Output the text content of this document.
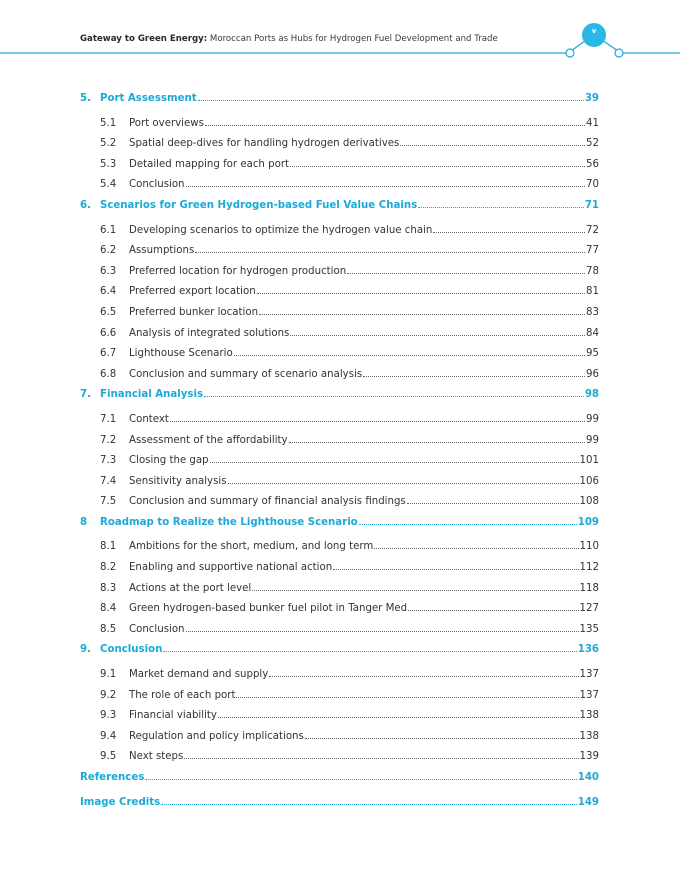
v
Gateway to Green Energy: Moroccan Ports as Hubs for Hydrogen Fuel Development and Trade
5. Port Assessment	39
5.1	Port overviews	41
5.2	Spatial deep-dives for handling hydrogen derivatives	52
5.3	Detailed mapping for each port	56
5.4	Conclusion	70
6. Scenarios for Green Hydrogen-based Fuel Value Chains	71
6.1	Developing scenarios to optimize the hydrogen value chain	72
6.2	Assumptions	77
6.3	Preferred location for hydrogen production	78
6.4	Preferred export location	81
6.5	Preferred bunker location	83
6.6	Analysis of integrated solutions	84
6.7	Lighthouse Scenario	95
6.8	Conclusion and summary of scenario analysis	96
7. Financial Analysis	98
7.1	Context	99
7.2	Assessment of the affordability	99
7.3	Closing the gap	101
7.4	Sensitivity analysis	106
7.5	Conclusion and summary of financial analysis findings	108
8	Roadmap to Realize the Lighthouse Scenario	109
8.1	Ambitions for the short, medium, and long term	110
8.2	Enabling and supportive national action	112
8.3	Actions at the port level	118
8.4	Green hydrogen-based bunker fuel pilot in Tanger Med	127
8.5	Conclusion	135
9. Conclusion	136
9.1	Market demand and supply	137
9.2	The role of each port	137
9.3	Financial viability	138
9.4	Regulation and policy implications	138
9.5	Next steps	139
References	140
Image Credits	149
